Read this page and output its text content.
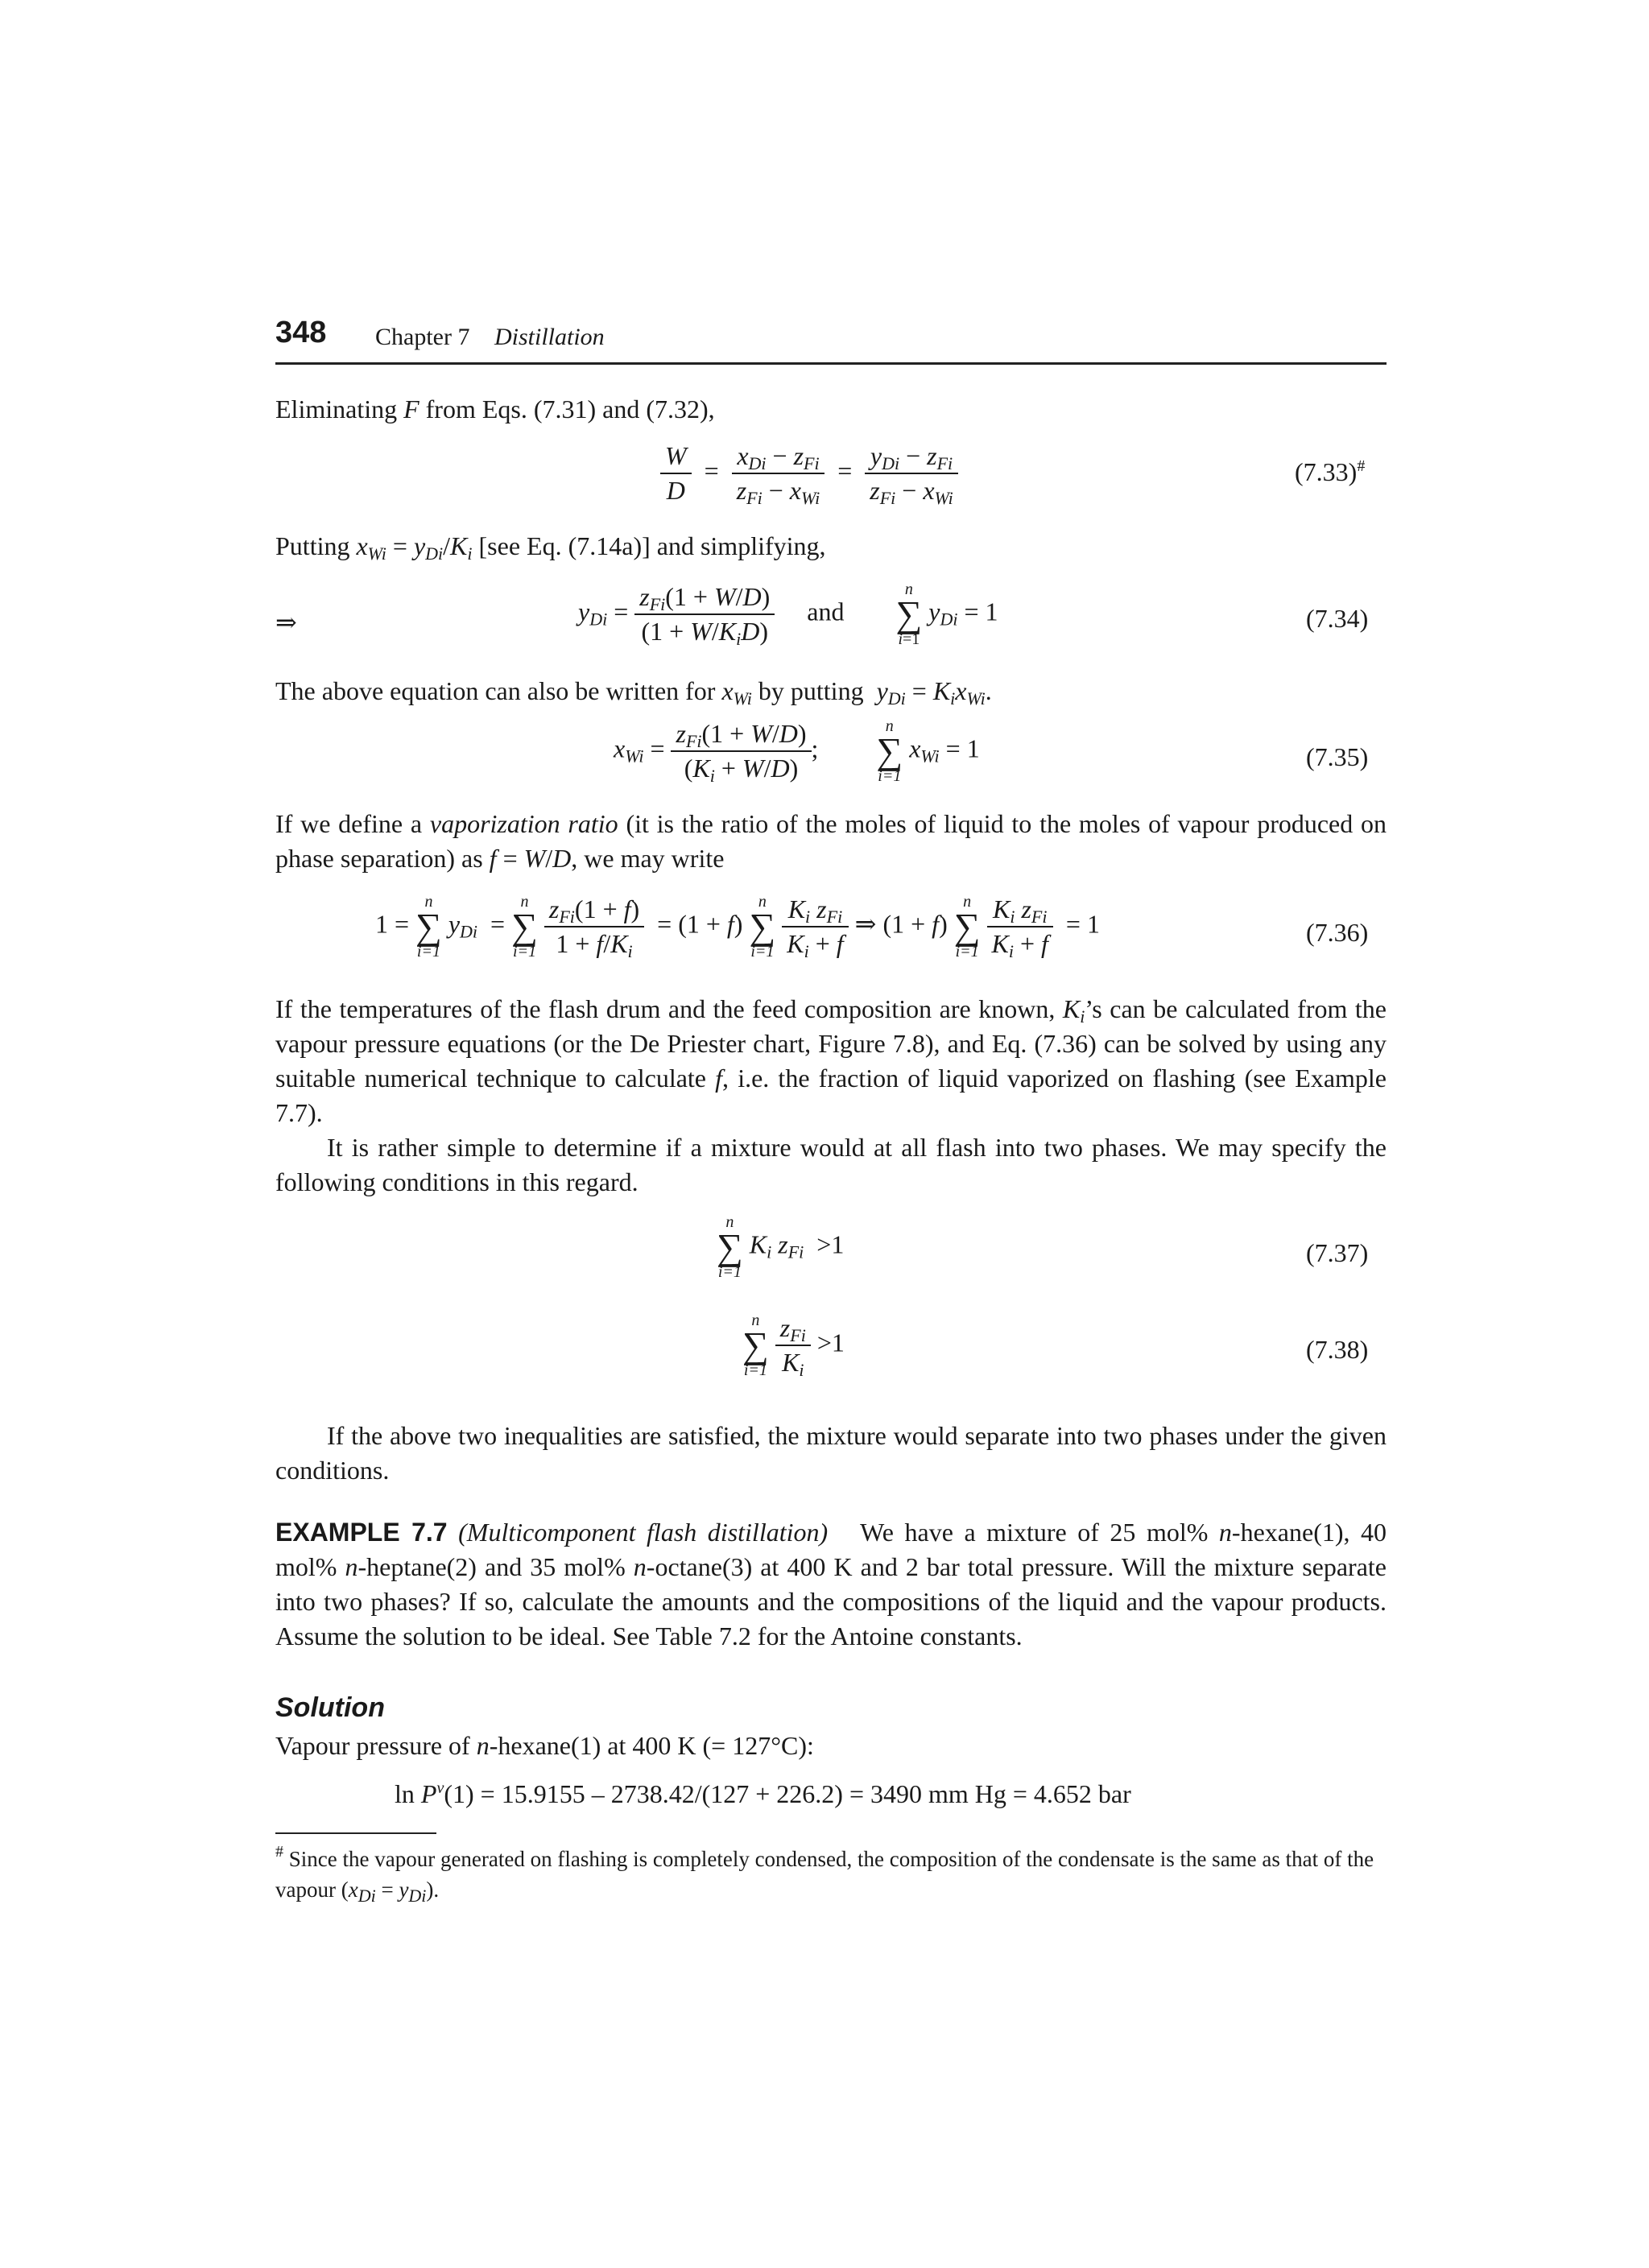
348 Chapter 7 Distillation
Eliminating F from Eqs. (7.31) and (7.32),
$\frac{W}{D} = \frac{x_{Di} - z_{Fi}}{z_{Fi} - x_{Wi}} = \frac{y_{Di} - z_{Fi}}{z_{Fi} - x_{Wi}}$	(7.33)#
Putting $x_{Wi} = y_{Di}/K_i$ [see Eq. (7.14a)] and simplifying,
⇒	$y_{Di} = \frac{z_{Fi}(1 + W/D)}{(1 + W/K_iD)}$ and
n
∑
i=1
$y_{Di} = 1$	(7.34)
The above equation can also be written for $x_{Wi}$ by putting  $y_{Di} = K_ix_{Wi}$.
$x_{Wi} = \frac{z_{Fi}(1 + W/D)}{(K_i + W/D)}$ ;
n
∑
i=1
$x_{Wi} = 1$	(7.35)
If we define a vaporization ratio (it is the ratio of the moles of liquid to the moles of vapour produced on phase separation) as f = W/D, we may write
1 =
n
∑
i=1
$y_{Di}$  =
n
∑
i=1
$\frac{z_{Fi}(1 + f)}{1 + f/K_i} = (1 + f)$
n
∑
i=1
$\frac{K_i z_{Fi}}{K_i + f}$ ⇒ (1 + f)
n
∑
i=1
$\frac{K_i z_{Fi}}{K_i + f} = 1$	(7.36)
If the temperatures of the flash drum and the feed composition are known, $K_i’s$ can be calculated from the vapour pressure equations (or the De Priester chart, Figure 7.8), and Eq. (7.36) can be solved by using any suitable numerical technique to calculate f, i.e. the fraction of liquid vaporized on flashing (see Example 7.7).
It is rather simple to determine if a mixture would at all flash into two phases. We may specify the following conditions in this regard.
n
∑
i=1
$K_i$ $z_{Fi} >1$	(7.37)
n
∑
i=1
$\frac{z_{Fi}}{K_i} >1$	(7.38)
If the above two inequalities are satisfied, the mixture would separate into two phases under the given conditions.
EXAMPLE 7.7 (Multicomponent flash distillation)   We have a mixture of 25 mol% n-hexane(1), 40 mol% n-heptane(2) and 35 mol% n-octane(3) at 400 K and 2 bar total pressure. Will the mixture separate into two phases? If so, calculate the amounts and the compositions of the liquid and the vapour products. Assume the solution to be ideal. See Table 7.2 for the Antoine constants.
Solution
Vapour pressure of n-hexane(1) at 400 K (= 127°C):
$\ln P^v(1) = 15.9155 - 2738.42/(127 + 226.2) = 3490$ mm Hg = 4.652 bar
# Since the vapour generated on flashing is completely condensed, the composition of the condensate is the same as that of the vapour $(x_{Di} = y_{Di})$.
